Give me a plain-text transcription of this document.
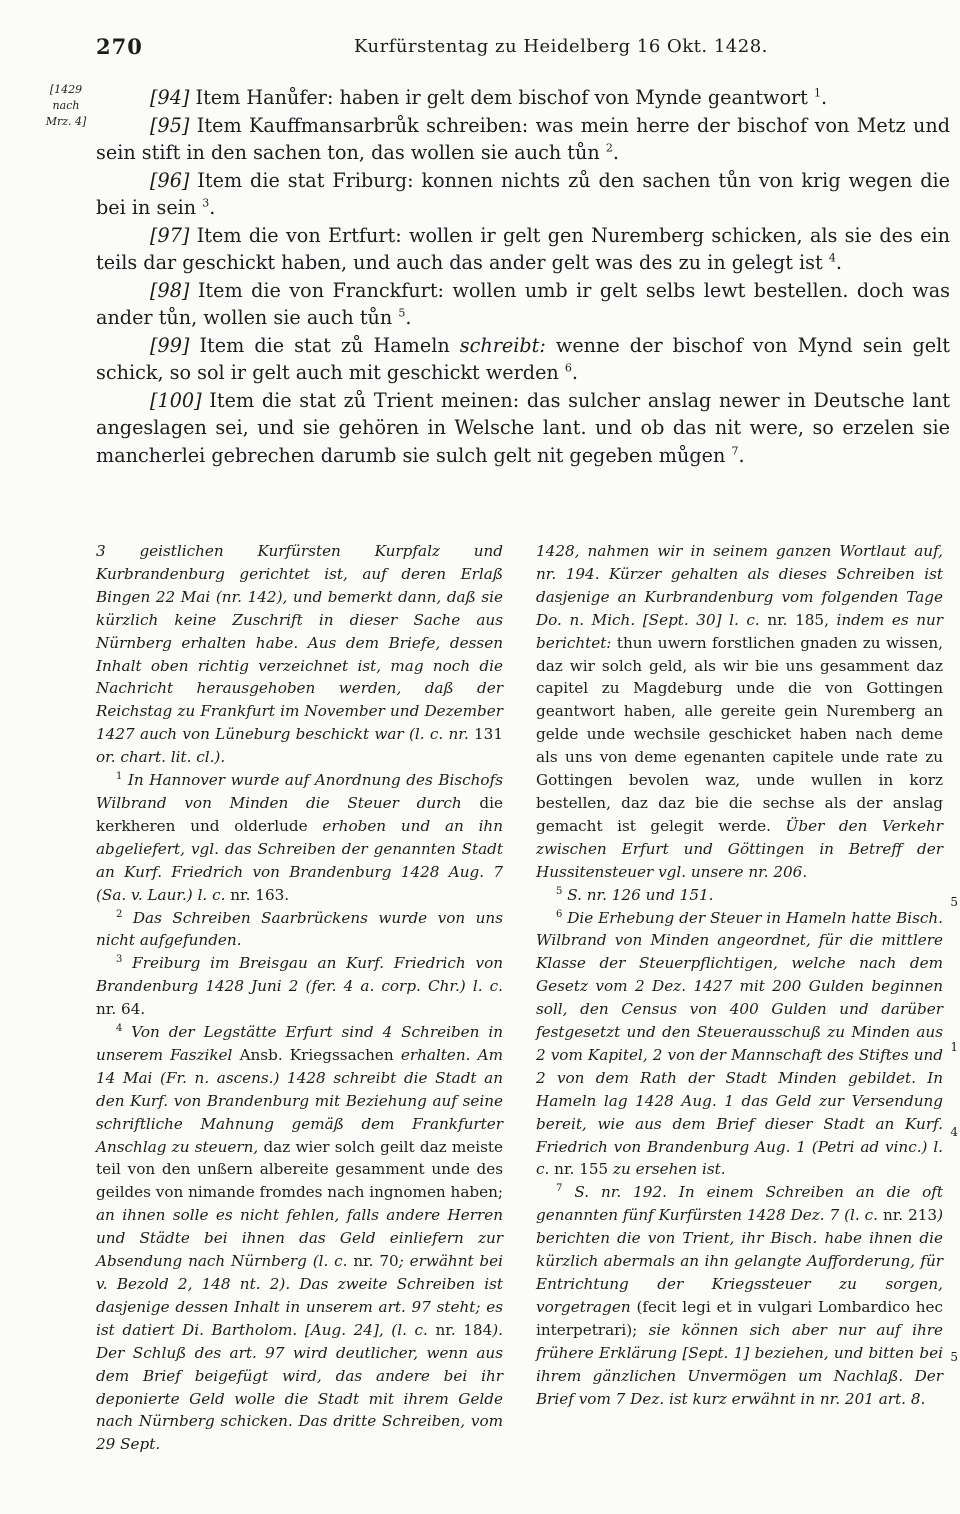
270	Kurfürstentag zu Heidelberg 16 Okt. 1428.
[1429
nach
Mrz. 4]

[94] Item Hanůfer: haben ir gelt dem bischof von Mynde geantwort $^1$.

[95] Item Kauffmansarbrůk schreiben: was mein herre der bischof von Metz und sein stift in den sachen ton, das wollen sie auch tůn $^2$.

[96] Item die stat Friburg: konnen nichts zů den sachen tůn von krig wegen die bei in sein $^3$.

[97] Item die von Ertfurt: wollen ir gelt gen Nuremberg schicken, als sie des ein teils dar geschickt haben, und auch das ander gelt was des zu in gelegt ist $^4$.

[98] Item die von Franckfurt: wollen umb ir gelt selbs lewt bestellen. doch was ander tůn, wollen sie auch tůn $^5$.

[99] Item die stat zů Hameln schreibt: wenne der bischof von Mynd sein gelt schick, so sol ir gelt auch mit geschickt werden $^6$.

[100] Item die stat zů Trient meinen: das sulcher anslag newer in Deutsche lant angeslagen sei, und sie gehören in Welsche lant. und ob das nit were, so erzelen sie mancherlei gebrechen darumb sie sulch gelt nit gegeben můgen $^7$.

3 geistlichen Kurfürsten Kurpfalz und Kurbrandenburg gerichtet ist, auf deren Erlaß Bingen 22 Mai (nr. 142), und bemerkt dann, daß sie kürzlich keine Zuschrift in dieser Sache aus Nürnberg erhalten habe. Aus dem Briefe, dessen Inhalt oben richtig verzeichnet ist, mag noch die Nachricht herausgehoben werden, daß der Reichstag zu Frankfurt im November und Dezember 1427 auch von Lüneburg beschickt war (l. c. nr. 131 or. chart. lit. cl.).

$^1$ In Hannover wurde auf Anordnung des Bischofs Wilbrand von Minden die Steuer durch die kerkheren und olderlude erhoben und an ihn abgeliefert, vgl. das Schreiben der genannten Stadt an Kurf. Friedrich von Brandenburg 1428 Aug. 7 (Sa. v. Laur.) l. c. nr. 163.

$^2$ Das Schreiben Saarbrückens wurde von uns nicht aufgefunden.

$^3$ Freiburg im Breisgau an Kurf. Friedrich von Brandenburg 1428 Juni 2 (fer. 4 a. corp. Chr.) l. c. nr. 64.

$^4$ Von der Legstätte Erfurt sind 4 Schreiben in unserem Faszikel Ansb. Kriegssachen erhalten. Am 14 Mai (Fr. n. ascens.) 1428 schreibt die Stadt an den Kurf. von Brandenburg mit Beziehung auf seine schriftliche Mahnung gemäß dem Frankfurter Anschlag zu steuern, daz wier solch geilt daz meiste teil von den unßern albereite gesamment unde des geildes von nimande fromdes nach ingnomen haben; an ihnen solle es nicht fehlen, falls andere Herren und Städte bei ihnen das Geld einliefern zur Absendung nach Nürnberg (l. c. nr. 70; erwähnt bei v. Bezold 2, 148 nt. 2). Das zweite Schreiben ist dasjenige dessen Inhalt in unserem art. 97 steht; es ist datiert Di. Bartholom. [Aug. 24], (l. c. nr. 184). Der Schluß des art. 97 wird deutlicher, wenn aus dem Brief beigefügt wird, das andere bei ihr deponierte Geld wolle die Stadt mit ihrem Gelde nach Nürnberg schicken. Das dritte Schreiben, vom 29 Sept.

1428, nahmen wir in seinem ganzen Wortlaut auf, nr. 194. Kürzer gehalten als dieses Schreiben ist dasjenige an Kurbrandenburg vom folgenden Tage Do. n. Mich. [Sept. 30] l. c. nr. 185, indem es nur berichtet: thun uwern forstlichen gnaden zu wissen, daz wir solch geld, als wir bie uns gesamment daz capitel zu Magdeburg unde die von Gottingen geantwort haben, alle gereite gein Nuremberg an gelde unde wechsile geschicket haben nach deme als uns von deme egenanten capitele unde rate zu Gottingen bevolen waz, unde wullen in korz bestellen, daz daz bie die sechse als der anslag gemacht ist gelegit werde. Über den Verkehr zwischen Erfurt und Göttingen in Betreff der Hussitensteuer vgl. unsere nr. 206.

$^5$ S. nr. 126 und 151.

$^6$ Die Erhebung der Steuer in Hameln hatte Bisch. Wilbrand von Minden angeordnet, für die mittlere Klasse der Steuerpflichtigen, welche nach dem Gesetz vom 2 Dez. 1427 mit 200 Gulden beginnen soll, den Census von 400 Gulden und darüber festgesetzt und den Steuerausschuß zu Minden aus 2 vom Kapitel, 2 von der Mannschaft des Stiftes und 2 von dem Rath der Stadt Minden gebildet. In Hameln lag 1428 Aug. 1 das Geld zur Versendung bereit, wie aus dem Brief dieser Stadt an Kurf. Friedrich von Brandenburg Aug. 1 (Petri ad vinc.) l. c. nr. 155 zu ersehen ist.

$^7$ S. nr. 192. In einem Schreiben an die oft genannten fünf Kurfürsten 1428 Dez. 7 (l. c. nr. 213) berichten die von Trient, ihr Bisch. habe ihnen die kürzlich abermals an ihn gelangte Aufforderung, für Entrichtung der Kriegssteuer zu sorgen, vorgetragen (fecit legi et in vulgari Lombardico hec interpetrari); sie können sich aber nur auf ihre frühere Erklärung [Sept. 1] beziehen, und bitten bei ihrem gänzlichen Unvermögen um Nachlaß. Der Brief vom 7 Dez. ist kurz erwähnt in nr. 201 art. 8.

5
1
4
5
